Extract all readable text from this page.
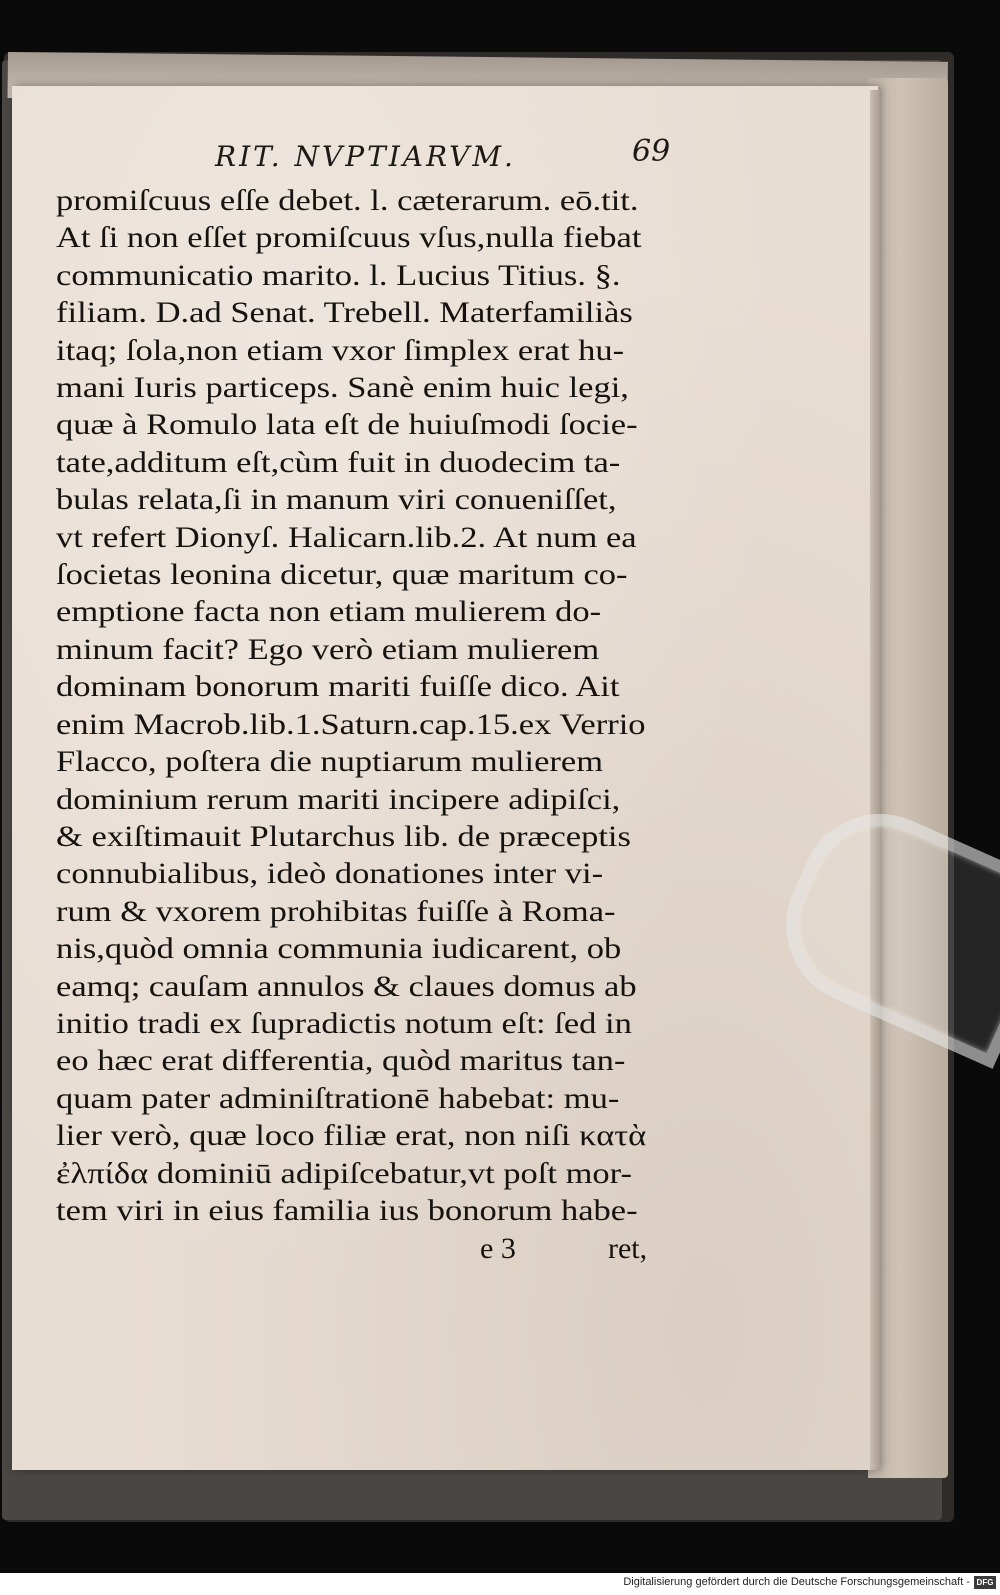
RIT. NVPTIARVM.	69
promiſcuus eſſe debet. l. cæterarum. eō.tit.
At ſi non eſſet promiſcuus vſus,nulla fiebat
communicatio marito. l. Lucius Titius. §.
filiam. D.ad Senat. Trebell. Materfamiliàs
itaq; ſola,non etiam vxor ſimplex erat hu-
mani Iuris particeps. Sanè enim huic legi,
quæ à Romulo lata eſt de huiuſmodi ſocie-
tate,additum eſt,cùm fuit in duodecim ta-
bulas relata,ſi in manum viri conueniſſet,
vt refert Dionyſ. Halicarn.lib.2. At num ea
ſocietas leonina dicetur, quæ maritum co-
emptione facta non etiam mulierem do-
minum facit? Ego verò etiam mulierem
dominam bonorum mariti fuiſſe dico. Ait
enim Macrob.lib.1.Saturn.cap.15.ex Verrio
Flacco, poſtera die nuptiarum mulierem
dominium rerum mariti incipere adipiſci,
& exiſtimauit Plutarchus lib. de præceptis
connubialibus, ideò donationes inter vi-
rum & vxorem prohibitas fuiſſe à Roma-
nis,quòd omnia communia iudicarent, ob
eamq; cauſam annulos & claues domus ab
initio tradi ex ſupradictis notum eſt: ſed in
eo hæc erat differentia, quòd maritus tan-
quam pater adminiſtrationē habebat: mu-
lier verò, quæ loco filiæ erat, non niſi κατὰ
ἐλπίδα dominiū adipiſcebatur,vt poſt mor-
tem viri in eius familia ius bonorum habe-
e 3	ret,
Digitalisierung gefördert durch die Deutsche Forschungsgemeinschaft - DFG
